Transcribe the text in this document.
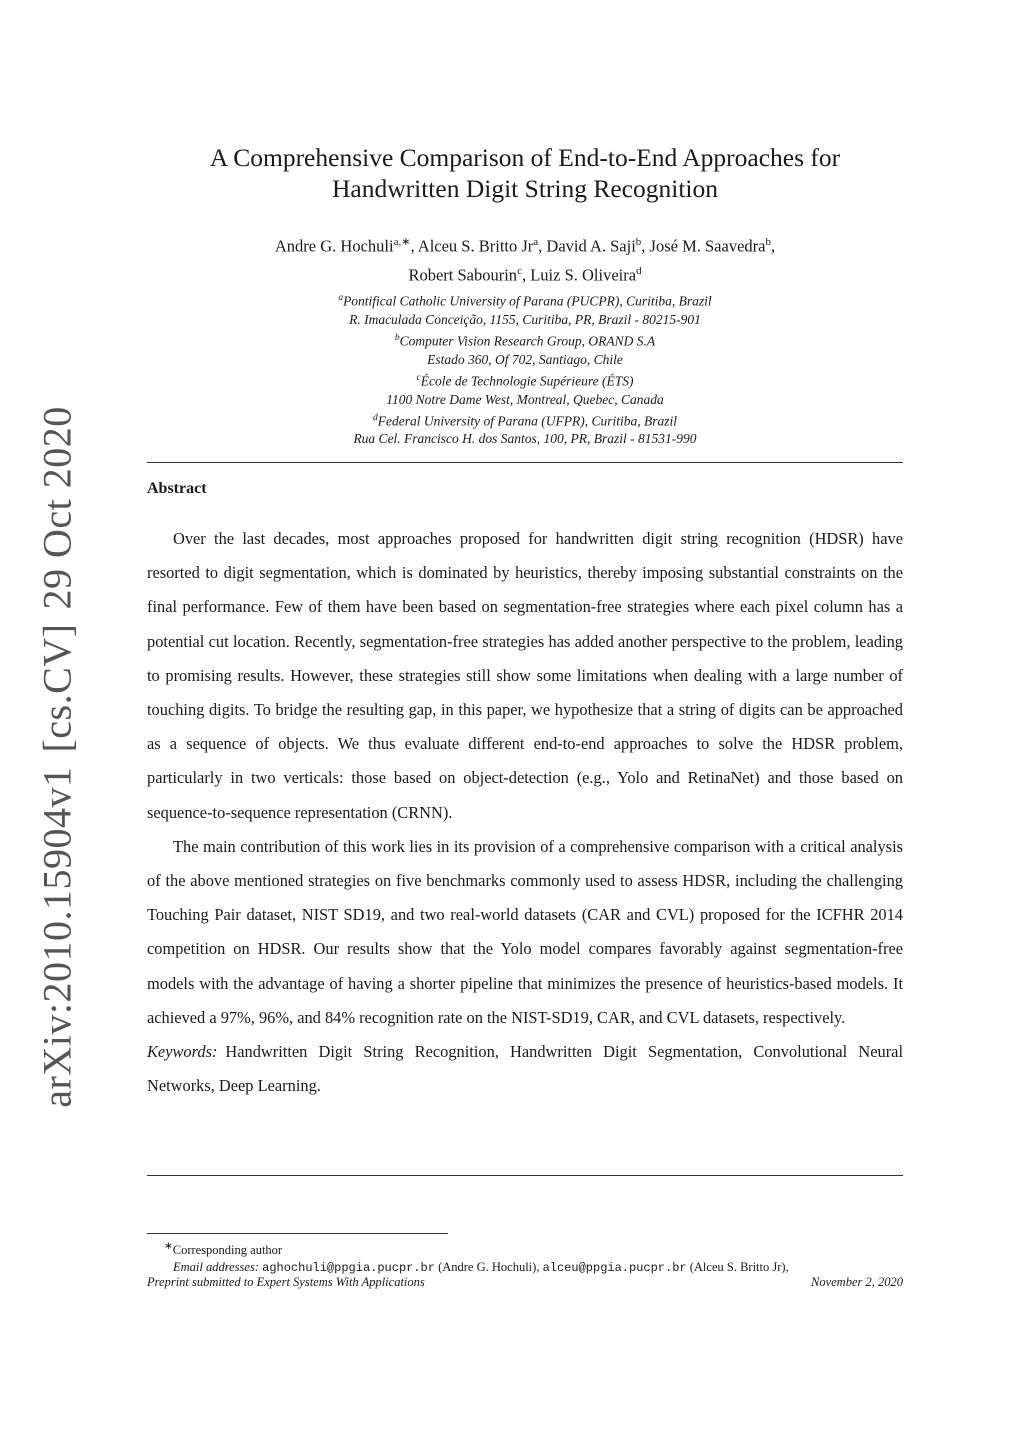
arXiv:2010.15904v1[cs.CV]29 Oct 2020
A Comprehensive Comparison of End-to-End Approaches for
Handwritten Digit String Recognition
Andre G. Hochuli$^{a,∗}$, Alceu S. Britto Jr$^a$, David A. Saji$^b$, José M. Saavedra$^b$,
Robert Sabourin$^c$, Luiz S. Oliveira$^d$
$^a$Pontifical Catholic University of Parana (PUCPR), Curitiba, Brazil
R. Imaculada Conceição, 1155, Curitiba, PR, Brazil - 80215-901
$^b$Computer Vision Research Group, ORAND S.A
Estado 360, Of 702, Santiago, Chile
$^c$École de Technologie Supérieure (ÉTS)
1100 Notre Dame West, Montreal, Quebec, Canada
$^d$Federal University of Parana (UFPR), Curitiba, Brazil
Rua Cel. Francisco H. dos Santos, 100, PR, Brazil - 81531-990
Abstract

Over the last decades, most approaches proposed for handwritten digit string recognition (HDSR) have resorted to digit segmentation, which is dominated by heuristics, thereby imposing substantial constraints on the final performance. Few of them have been based on segmentation-free strategies where each pixel column has a potential cut location. Recently, segmentation-free strategies has added another perspective to the problem, leading to promising results. However, these strategies still show some limitations when dealing with a large number of touching digits. To bridge the resulting gap, in this paper, we hypothesize that a string of digits can be approached as a sequence of objects. We thus evaluate different end-to-end approaches to solve the HDSR problem, particularly in two verticals: those based on object-detection (e.g., Yolo and RetinaNet) and those based on sequence-to-sequence representation (CRNN).

The main contribution of this work lies in its provision of a comprehensive comparison with a critical analysis of the above mentioned strategies on five benchmarks commonly used to assess HDSR, including the challenging Touching Pair dataset, NIST SD19, and two real-world datasets (CAR and CVL) proposed for the ICFHR 2014 competition on HDSR. Our results show that the Yolo model compares favorably against segmentation-free models with the advantage of having a shorter pipeline that minimizes the presence of heuristics-based models. It achieved a 97%, 96%, and 84% recognition rate on the NIST-SD19, CAR, and CVL datasets, respectively.

Keywords: Handwritten Digit String Recognition, Handwritten Digit Segmentation, Convolutional Neural Networks, Deep Learning.

∗Corresponding author
Email addresses: aghochuli@ppgia.pucpr.br (Andre G. Hochuli), alceu@ppgia.pucpr.br (Alceu S. Britto Jr),
Preprint submitted to Expert Systems With Applications	November 2, 2020
